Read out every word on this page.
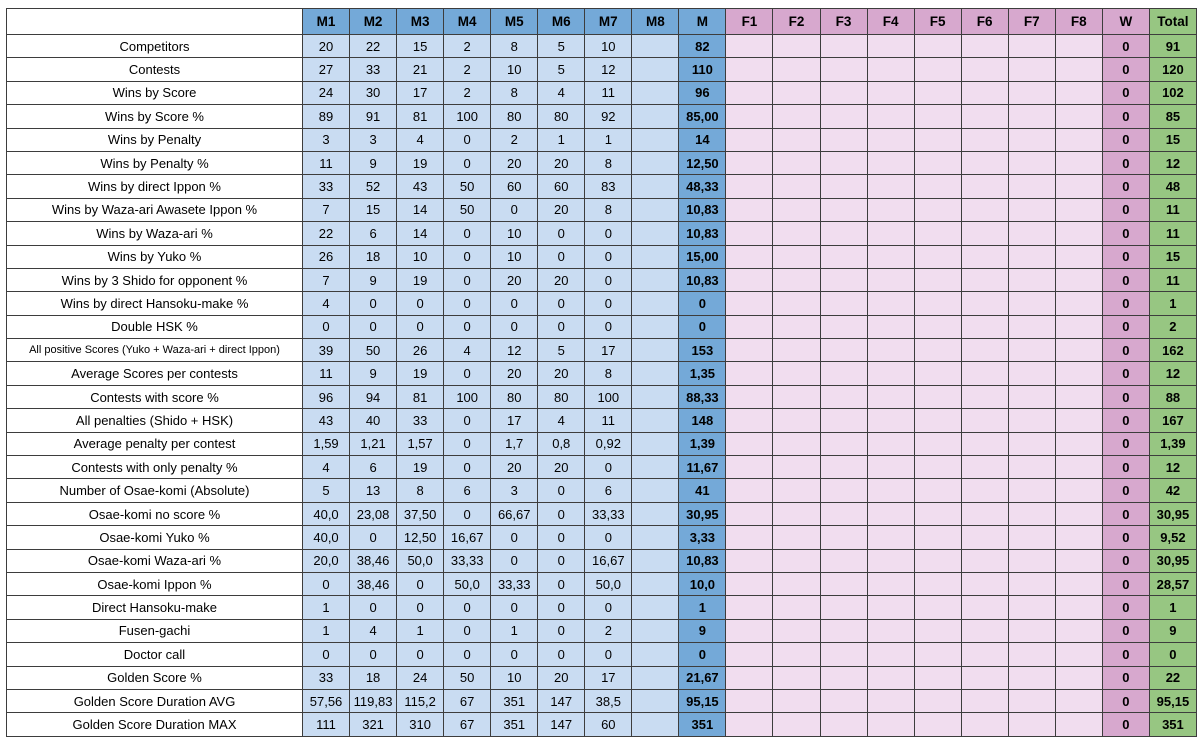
	M1	M2	M3	M4	M5	M6	M7	M8	M	F1	F2	F3	F4	F5	F6	F7	F8	W	Total
Competitors	20	22	15	2	8	5	10		82									0	91
Contests	27	33	21	2	10	5	12		110									0	120
Wins by Score	24	30	17	2	8	4	11		96									0	102
Wins by Score %	89	91	81	100	80	80	92		85,00									0	85
Wins by Penalty	3	3	4	0	2	1	1		14									0	15
Wins by Penalty %	11	9	19	0	20	20	8		12,50									0	12
Wins by direct Ippon %	33	52	43	50	60	60	83		48,33									0	48
Wins by Waza-ari Awasete Ippon %	7	15	14	50	0	20	8		10,83									0	11
Wins by Waza-ari %	22	6	14	0	10	0	0		10,83									0	11
Wins by Yuko %	26	18	10	0	10	0	0		15,00									0	15
Wins by 3 Shido for opponent %	7	9	19	0	20	20	0		10,83									0	11
Wins by direct Hansoku-make %	4	0	0	0	0	0	0		0									0	1
Double HSK %	0	0	0	0	0	0	0		0									0	2
All positive Scores (Yuko + Waza-ari + direct Ippon)	39	50	26	4	12	5	17		153									0	162
Average Scores per contests	11	9	19	0	20	20	8		1,35									0	12
Contests with score %	96	94	81	100	80	80	100		88,33									0	88
All penalties (Shido + HSK)	43	40	33	0	17	4	11		148									0	167
Average penalty per contest	1,59	1,21	1,57	0	1,7	0,8	0,92		1,39									0	1,39
Contests with only penalty %	4	6	19	0	20	20	0		11,67									0	12
Number of Osae-komi (Absolute)	5	13	8	6	3	0	6		41									0	42
Osae-komi no score %	40,0	23,08	37,50	0	66,67	0	33,33		30,95									0	30,95
Osae-komi Yuko %	40,0	0	12,50	16,67	0	0	0		3,33									0	9,52
Osae-komi Waza-ari %	20,0	38,46	50,0	33,33	0	0	16,67		10,83									0	30,95
Osae-komi Ippon %	0	38,46	0	50,0	33,33	0	50,0		10,0									0	28,57
Direct Hansoku-make	1	0	0	0	0	0	0		1									0	1
Fusen-gachi	1	4	1	0	1	0	2		9									0	9
Doctor call	0	0	0	0	0	0	0		0									0	0
Golden Score %	33	18	24	50	10	20	17		21,67									0	22
Golden Score Duration AVG	57,56	119,83	115,2	67	351	147	38,5		95,15									0	95,15
Golden Score Duration MAX	111	321	310	67	351	147	60		351									0	351
